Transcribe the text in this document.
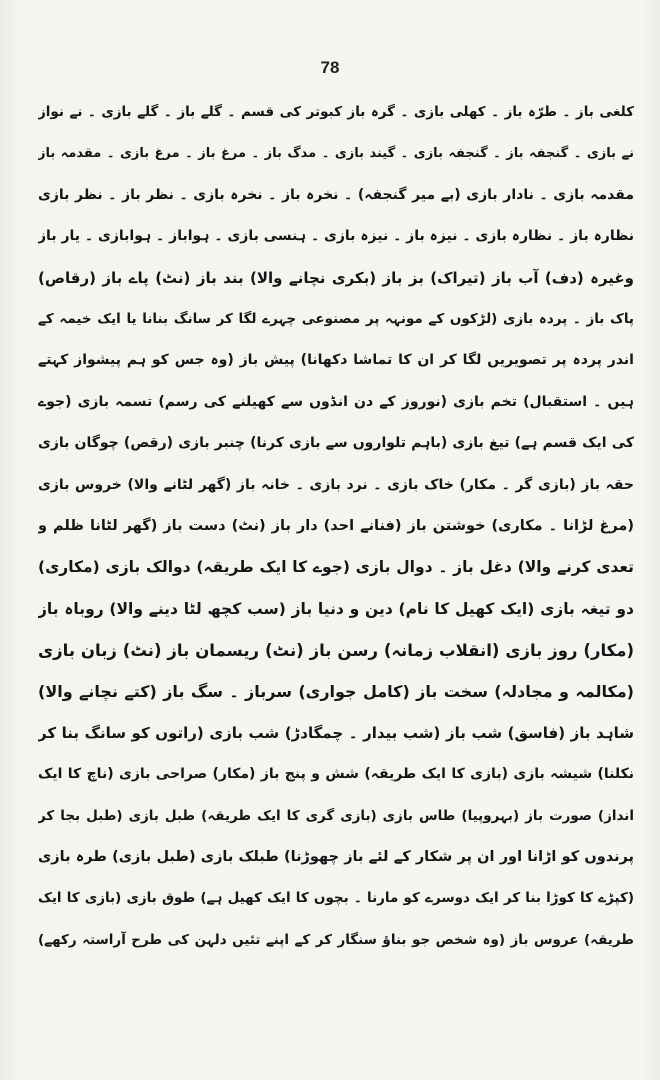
78
کلغی باز ۔ طرّہ باز ۔ کھلی بازی ۔ گرہ باز کبوتر کی قسم ۔ گلے باز ۔ گلے بازی ۔ نے نواز
نے بازی ۔ گنجفہ باز ۔ گنجفہ بازی ۔ گیند بازی ۔ مدگ باز ۔ مرغ باز ۔ مرغ بازی ۔ مقدمہ باز
مقدمہ بازی ۔ نادار بازی (بے میر گنجفہ) ۔ نخرہ باز ۔ نخرہ بازی ۔ نظر باز ۔ نظر بازی
نظارہ باز ۔ نظارہ بازی ۔ نیزہ باز ۔ نیزہ بازی ۔ ہنسی بازی ۔ ہواباز ۔ ہوابازی ۔ یار باز
وغیرہ (دف) آب باز (تیراک) بز باز (بکری نچانے والا) بند باز (نٹ) پاے باز (رقاص)
پاک باز ۔ پردہ بازی (لڑکوں کے مونہہ پر مصنوعی چہرے لگا کر سانگ بنانا یا ایک خیمہ کے
اندر پردہ پر تصویریں لگا کر ان کا تماشا دکھانا) پیش باز (وہ جس کو ہم پیشواز کہتے
ہیں ۔ استقبال) تخم بازی (نوروز کے دن انڈوں سے کھیلنے کی رسم) تسمہ بازی (جوے
کی ایک قسم ہے) تیغ بازی (باہم تلواروں سے بازی کرنا) چنبر بازی (رقص) چوگان بازی
حقہ باز (بازی گر ۔ مکار) خاک بازی ۔ نرد بازی ۔ خانہ باز (گھر لٹانے والا) خروس بازی
(مرغ لڑانا ۔ مکاری) خوشتن باز (فنانے احد) دار باز (نٹ) دست باز (گھر لٹانا ظلم و
تعدی کرنے والا) دغل باز ۔ دوال بازی (جوے کا ایک طریقہ) دوالک بازی (مکاری)
دو تیغہ بازی (ایک کھیل کا نام) دین و دنیا باز (سب کچھ لٹا دینے والا) روباہ باز
(مکار) روز بازی (انقلاب زمانہ) رسن باز (نٹ) ریسمان باز (نٹ) زبان بازی
(مکالمہ و مجادلہ) سخت باز (کامل جواری) سرباز ۔ سگ باز (کتے نچانے والا)
شاہد باز (فاسق) شب باز (شب بیدار ۔ چمگادڑ) شب بازی (راتوں کو سانگ بنا کر
نکلنا) شیشہ بازی (بازی کا ایک طریقہ) شش و پنج باز (مکار) صراحی بازی (ناچ کا ایک
انداز) صورت باز (بہروپیا) طاس بازی (بازی گری کا ایک طریقہ) طبل بازی (طبل بجا کر
پرندوں کو اڑانا اور ان پر شکار کے لئے باز چھوڑنا) طبلک بازی (طبل بازی) طرہ بازی
(کپڑے کا کوڑا بنا کر ایک دوسرے کو مارنا ۔ بچوں کا ایک کھیل ہے) طوق بازی (بازی کا ایک
طریقہ) عروس باز (وہ شخص جو بناؤ سنگار کر کے اپنے تئیں دلہن کی طرح آراستہ رکھے)
